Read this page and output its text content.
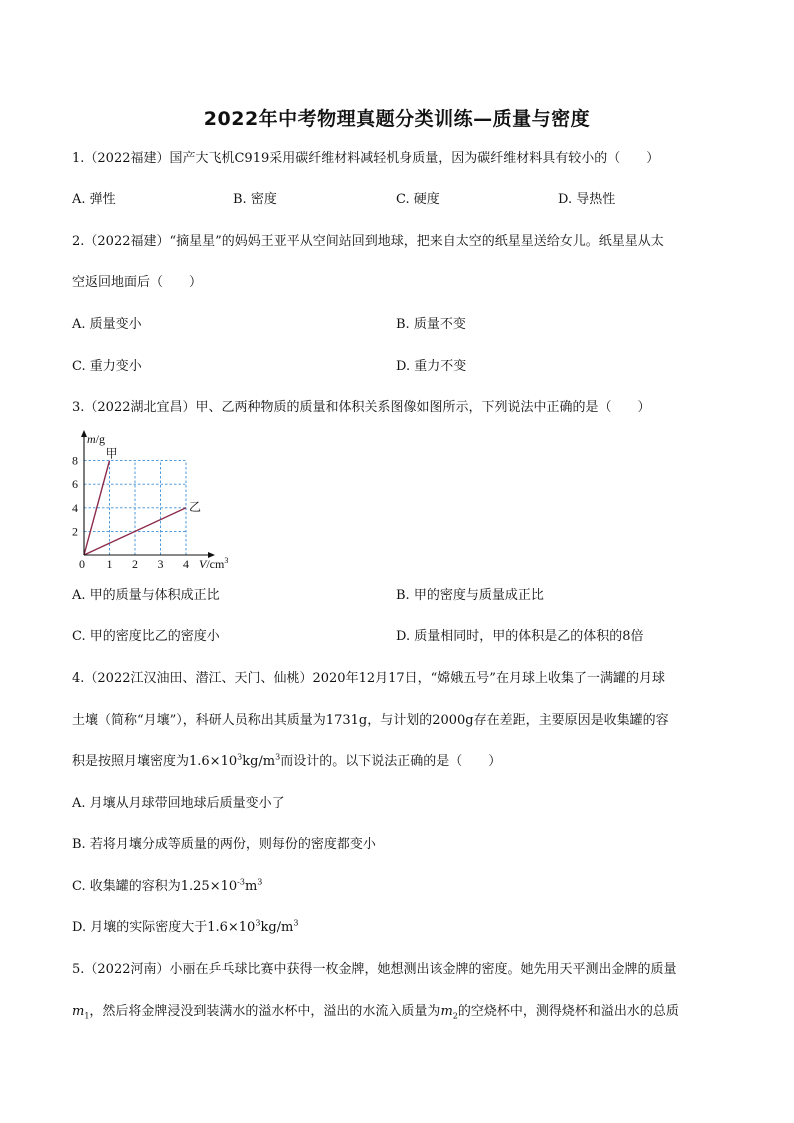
2022年中考物理真题分类训练—质量与密度
1.（2022福建）国产大飞机C919采用碳纤维材料减轻机身质量，因为碳纤维材料具有较小的（　　）
A. 弹性	B. 密度	C. 硬度	D. 导热性
2.（2022福建）“摘星星”的妈妈王亚平从空间站回到地球，把来自太空的纸星星送给女儿。纸星星从太
空返回地面后（　　）
A. 质量变小	B. 质量不变
C. 重力变小	D. 重力不变
3.（2022湖北宜昌）甲、乙两种物质的质量和体积关系图像如图所示，下列说法中正确的是（　　）
0 1 2 3 4
2
4
6
8
m/g
$V/cm^3$
甲
乙
A. 甲的质量与体积成正比	B. 甲的密度与质量成正比
C. 甲的密度比乙的密度小	D. 质量相同时，甲的体积是乙的体积的8倍
4.（2022江汉油田、潜江、天门、仙桃）2020年12月17日，“嫦娥五号”在月球上收集了一满罐的月球
土壤（简称“月壤”），科研人员称出其质量为1731g，与计划的2000g存在差距，主要原因是收集罐的容
积是按照月壤密度为$1.6\times 10^3kg/m^3$而设计的。以下说法正确的是（　　）
A. 月壤从月球带回地球后质量变小了
B. 若将月壤分成等质量的两份，则每份的密度都变小
C. 收集罐的容积为$1.25\times 10^{-3}m^3$
D. 月壤的实际密度大于$1.6\times 10^3kg/m^3$
5.（2022河南）小丽在乒乓球比赛中获得一枚金牌，她想测出该金牌的密度。她先用天平测出金牌的质量
$m_1$，然后将金牌浸没到装满水的溢水杯中，溢出的水流入质量为$m_2$的空烧杯中，测得烧杯和溢出水的总质
